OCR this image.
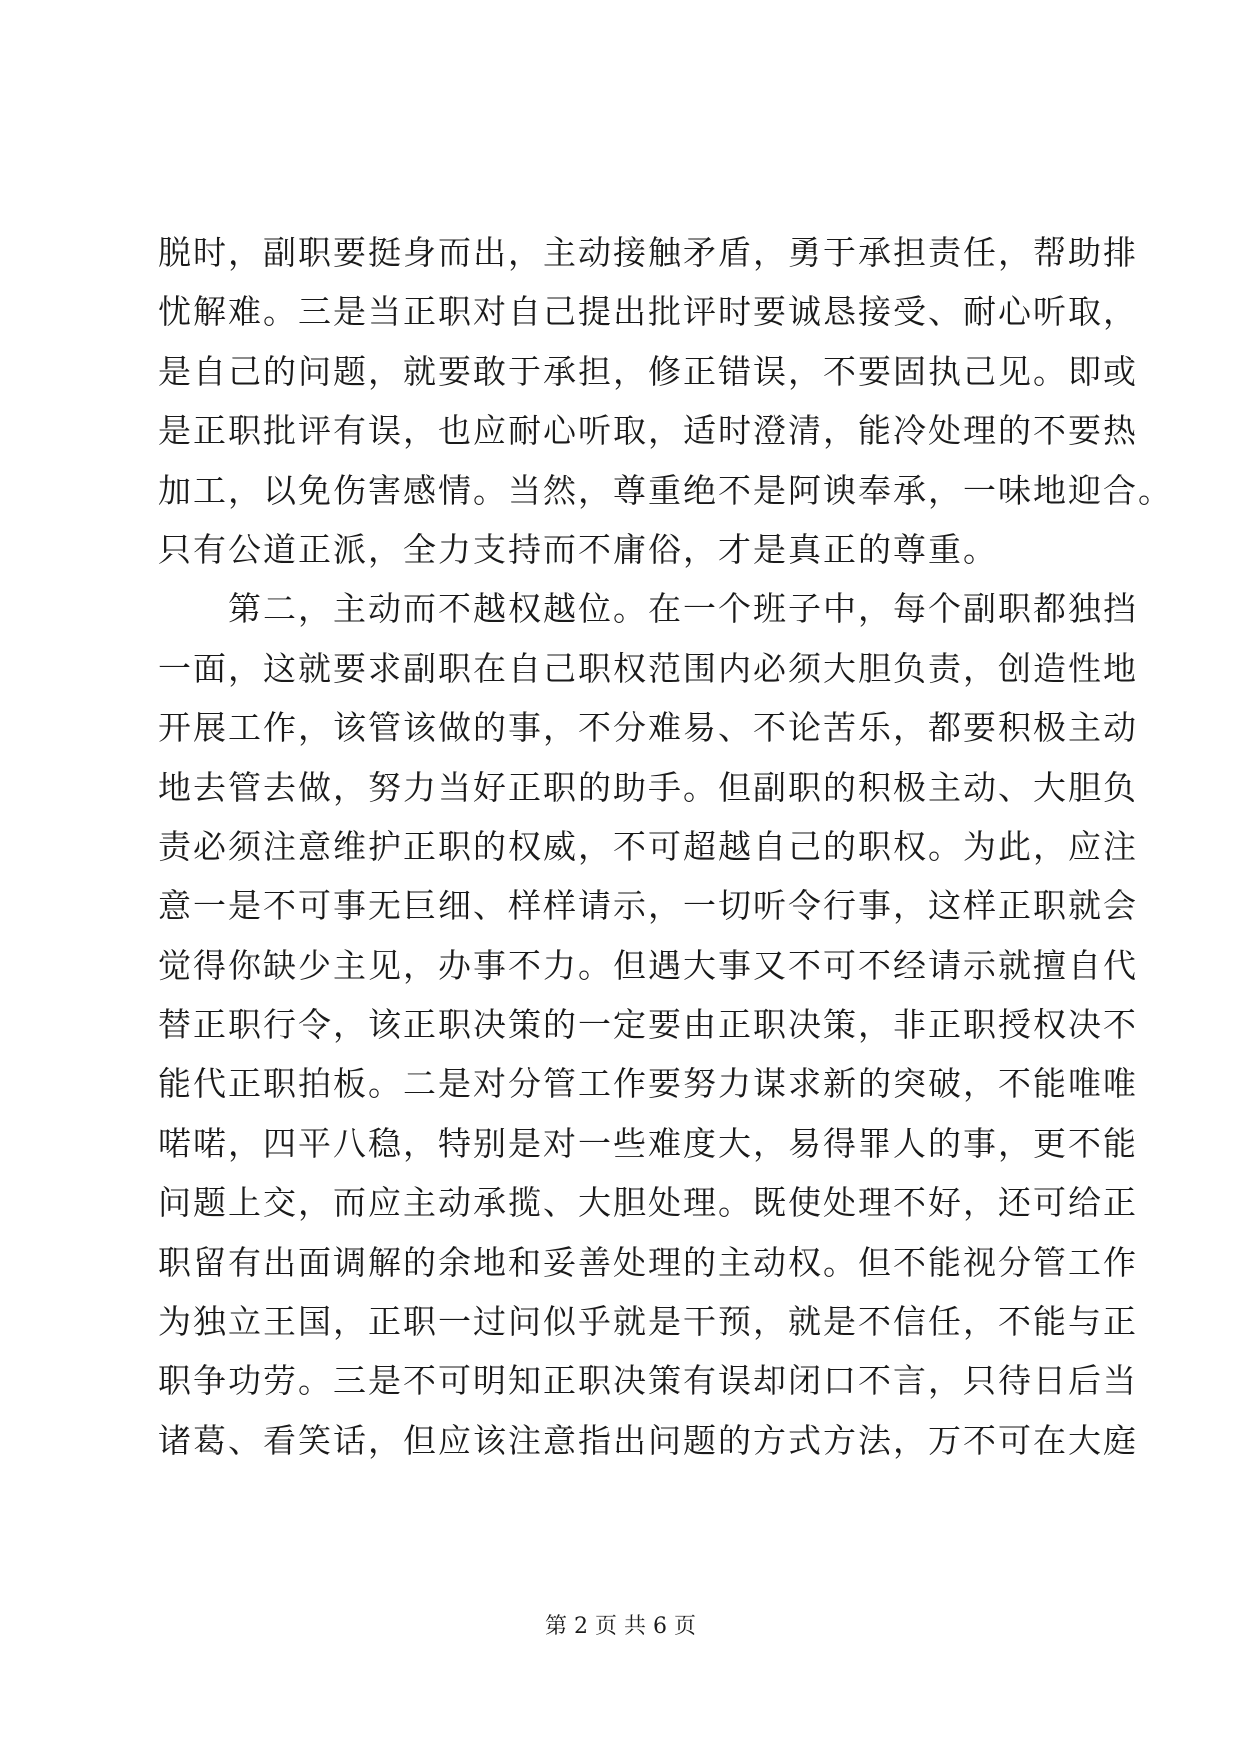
脱时，副职要挺身而出，主动接触矛盾，勇于承担责任，帮助排
忧解难。三是当正职对自己提出批评时要诚恳接受、耐心听取，
是自己的问题，就要敢于承担，修正错误，不要固执己见。即或
是正职批评有误，也应耐心听取，适时澄清，能冷处理的不要热
加工，以免伤害感情。当然，尊重绝不是阿谀奉承，一味地迎合。
只有公道正派，全力支持而不庸俗，才是真正的尊重。
　　第二，主动而不越权越位。在一个班子中，每个副职都独挡
一面，这就要求副职在自己职权范围内必须大胆负责，创造性地
开展工作，该管该做的事，不分难易、不论苦乐，都要积极主动
地去管去做，努力当好正职的助手。但副职的积极主动、大胆负
责必须注意维护正职的权威，不可超越自己的职权。为此，应注
意一是不可事无巨细、样样请示，一切听令行事，这样正职就会
觉得你缺少主见，办事不力。但遇大事又不可不经请示就擅自代
替正职行令，该正职决策的一定要由正职决策，非正职授权决不
能代正职拍板。二是对分管工作要努力谋求新的突破，不能唯唯
喏喏，四平八稳，特别是对一些难度大，易得罪人的事，更不能
问题上交，而应主动承揽、大胆处理。既使处理不好，还可给正
职留有出面调解的余地和妥善处理的主动权。但不能视分管工作
为独立王国，正职一过问似乎就是干预，就是不信任，不能与正
职争功劳。三是不可明知正职决策有误却闭口不言，只待日后当
诸葛、看笑话，但应该注意指出问题的方式方法，万不可在大庭
第 2 页 共 6 页
